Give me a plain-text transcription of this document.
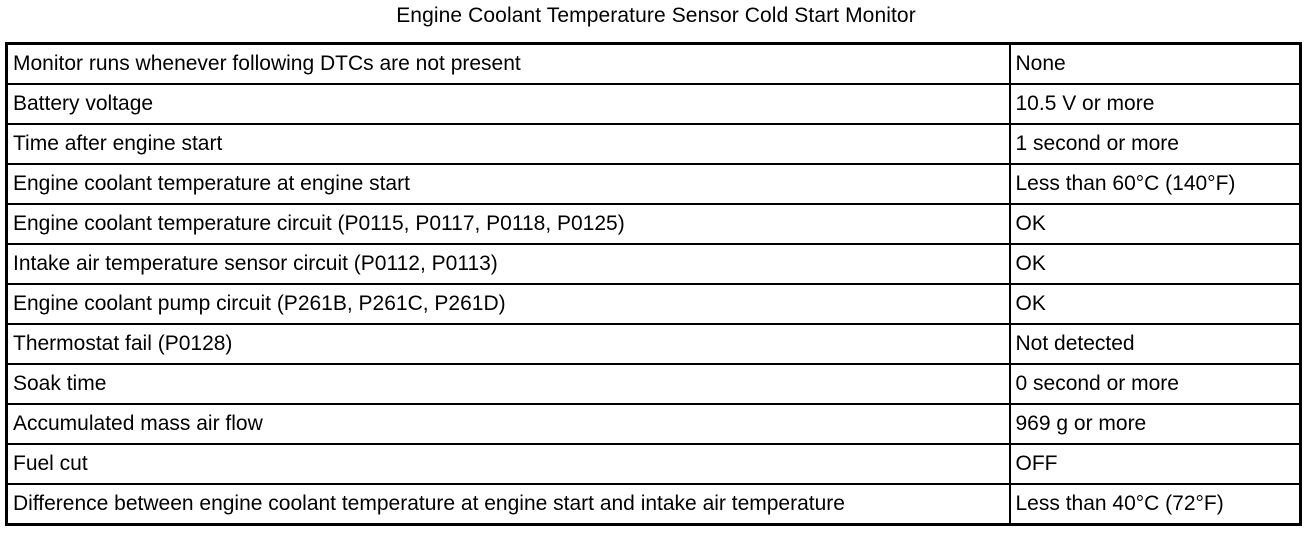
Engine Coolant Temperature Sensor Cold Start Monitor
Monitor runs whenever following DTCs are not present	None
Battery voltage	10.5 V or more
Time after engine start	1 second or more
Engine coolant temperature at engine start	Less than 60°C (140°F)
Engine coolant temperature circuit (P0115, P0117, P0118, P0125)	OK
Intake air temperature sensor circuit (P0112, P0113)	OK
Engine coolant pump circuit (P261B, P261C, P261D)	OK
Thermostat fail (P0128)	Not detected
Soak time	0 second or more
Accumulated mass air flow	969 g or more
Fuel cut	OFF
Difference between engine coolant temperature at engine start and intake air temperature	Less than 40°C (72°F)
